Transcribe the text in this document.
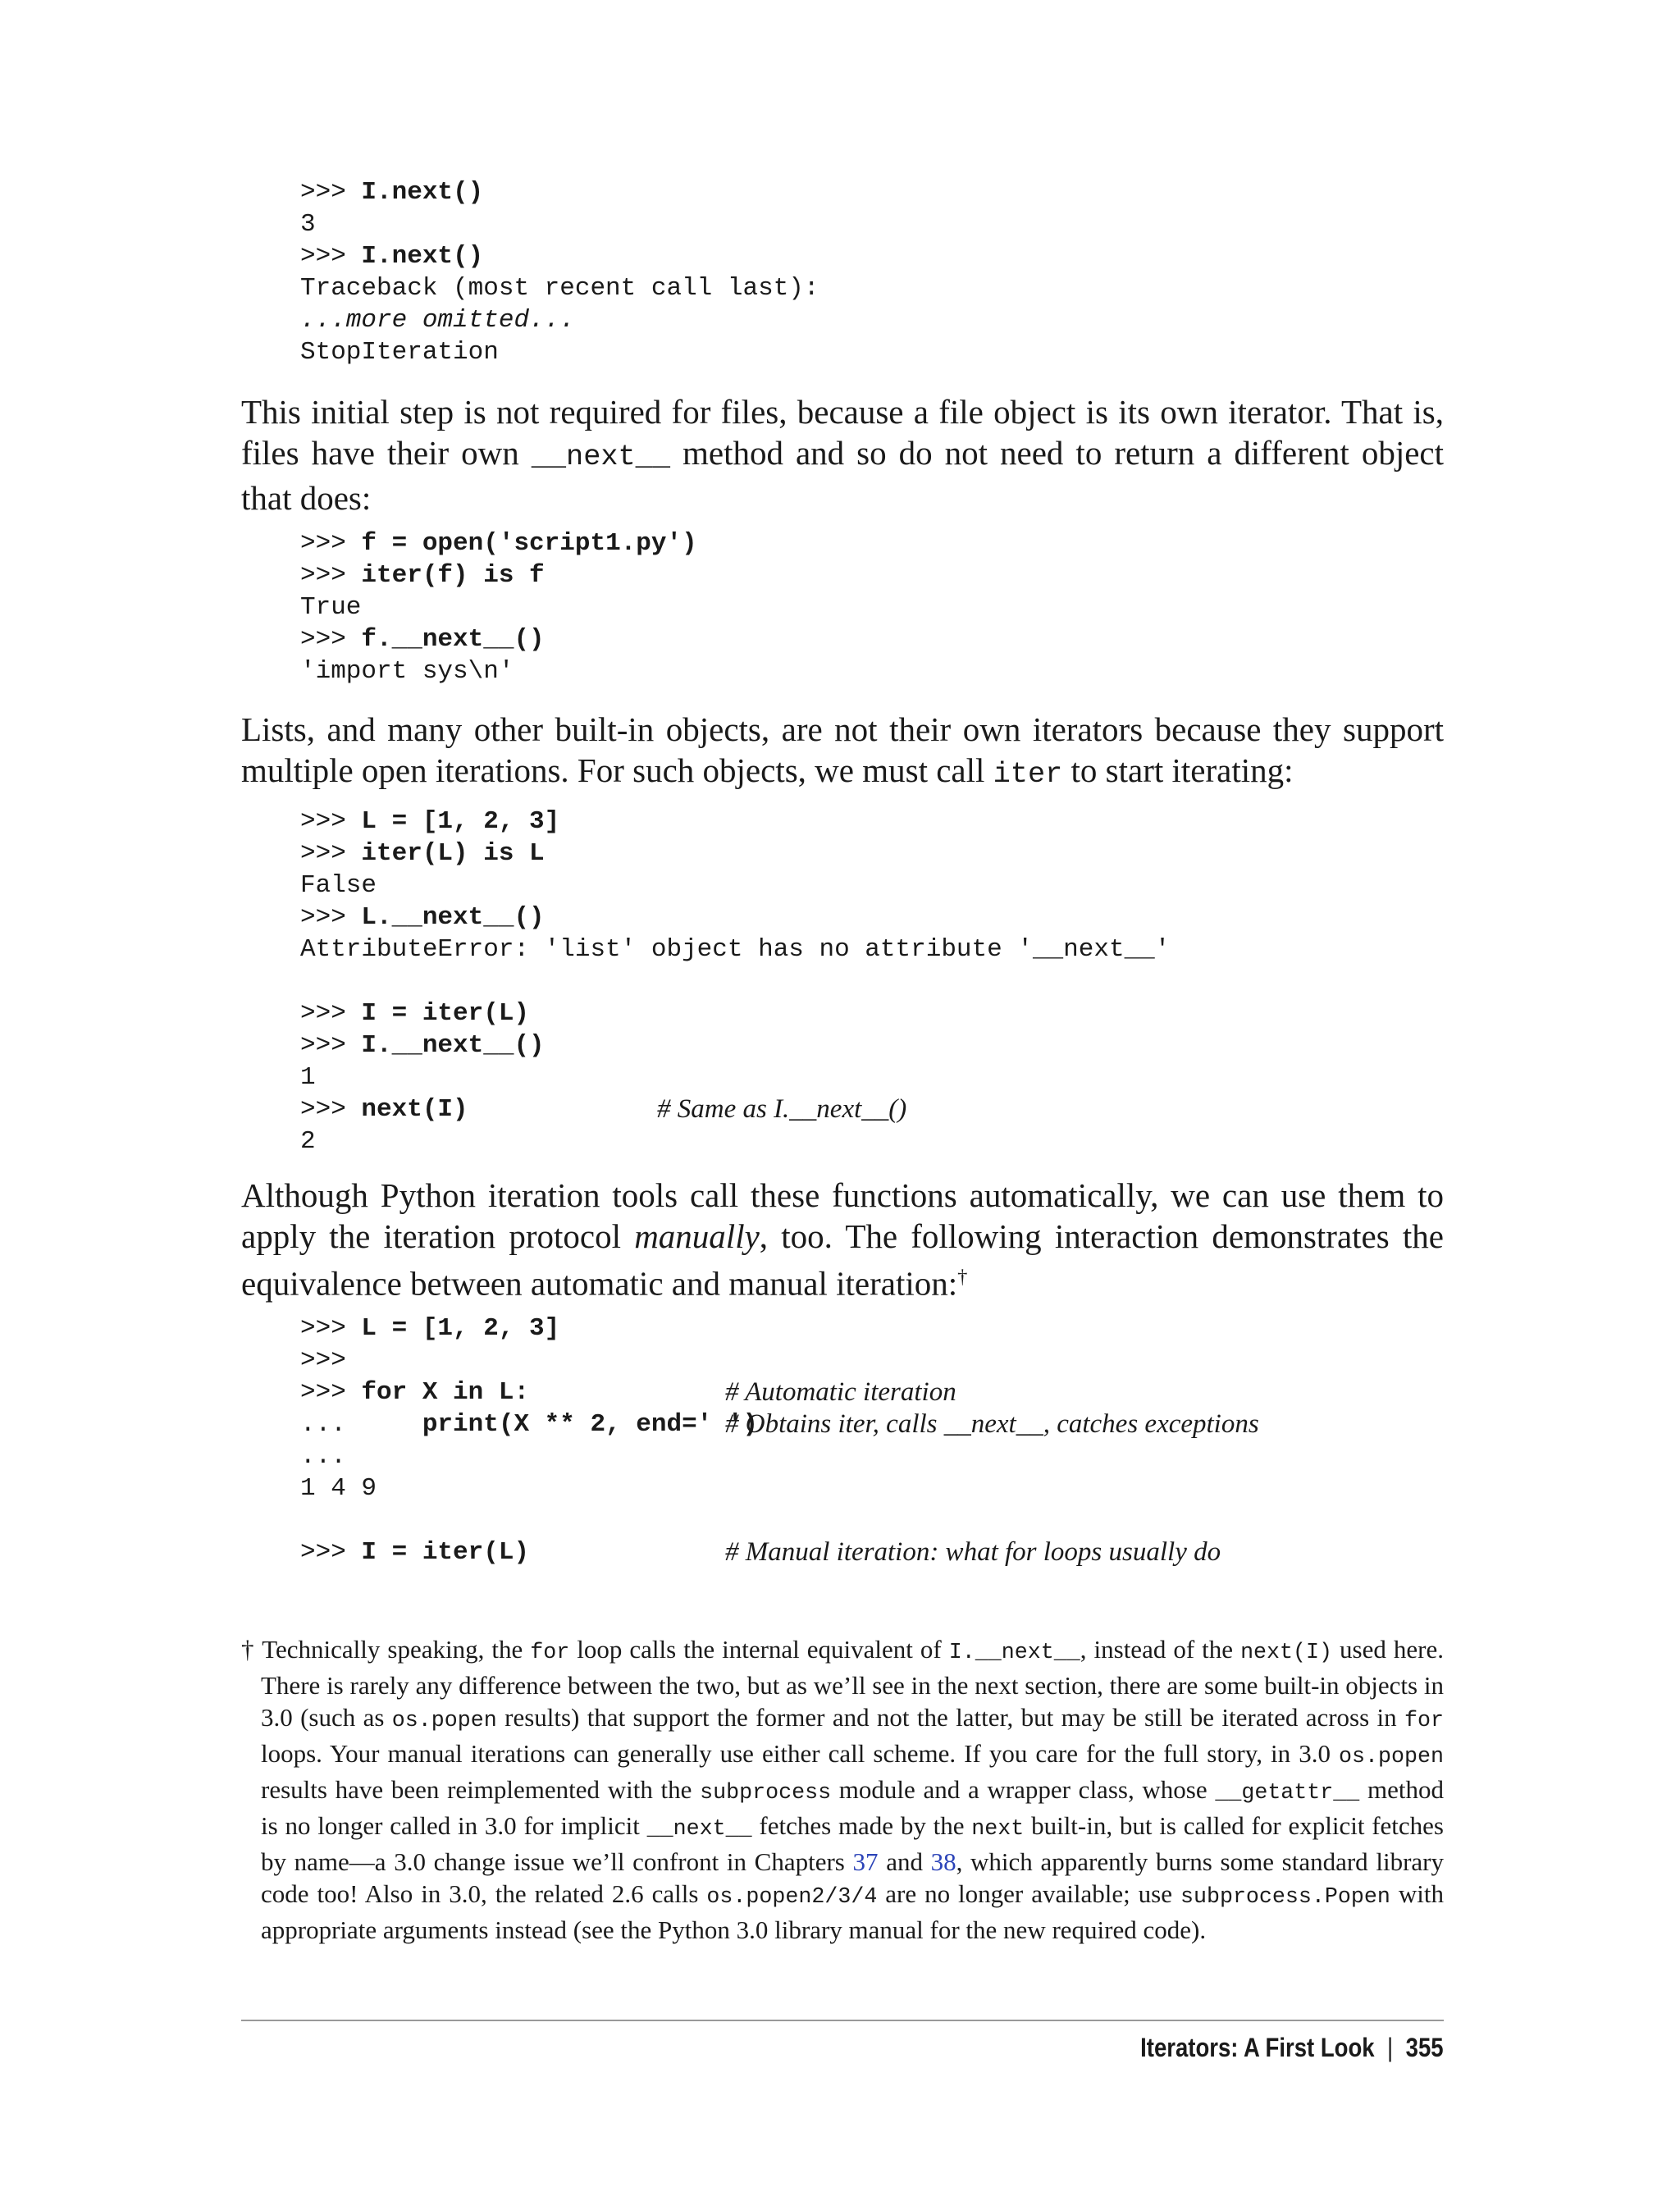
>>> I.next()
3
>>> I.next()
Traceback (most recent call last):
...more omitted...
StopIteration

This initial step is not required for files, because a file object is its own iterator. That is, files have their own __next__ method and so do not need to return a different object that does:

>>> f = open('script1.py')
>>> iter(f) is f
True
>>> f.__next__()
'import sys\n'

Lists, and many other built-in objects, are not their own iterators because they support multiple open iterations. For such objects, we must call iter to start iterating:

>>> L = [1, 2, 3]
>>> iter(L) is L
False
>>> L.__next__()
AttributeError: 'list' object has no attribute '__next__'
>>> I = iter(L)
>>> I.__next__()
1
>>> next(I)	# Same as I.__next__()
2

Although Python iteration tools call these functions automatically, we can use them to apply the iteration protocol manually, too. The following interaction demonstrates the equivalence between automatic and manual iteration:†

>>> L = [1, 2, 3]
>>>
>>> for X in L:	# Automatic iteration
...     print(X ** 2, end=' ')
# Obtains iter, calls __next__, catches exceptions
...
1 4 9
>>> I = iter(L)	# Manual iteration: what for loops usually do

† Technically speaking, the for loop calls the internal equivalent of I.__next__, instead of the next(I) used here. There is rarely any difference between the two, but as we’ll see in the next section, there are some built-in objects in 3.0 (such as os.popen results) that support the former and not the latter, but may be still be iterated across in for loops. Your manual iterations can generally use either call scheme. If you care for the full story, in 3.0 os.popen results have been reimplemented with the subprocess module and a wrapper class, whose __getattr__ method is no longer called in 3.0 for implicit __next__ fetches made by the next built-in, but is called for explicit fetches by name—a 3.0 change issue we’ll confront in Chapters 37 and 38, which apparently burns some standard library code too! Also in 3.0, the related 2.6 calls os.popen2/3/4 are no longer available; use subprocess.Popen with appropriate arguments instead (see the Python 3.0 library manual for the new required code).

Iterators: A First Look | 355
